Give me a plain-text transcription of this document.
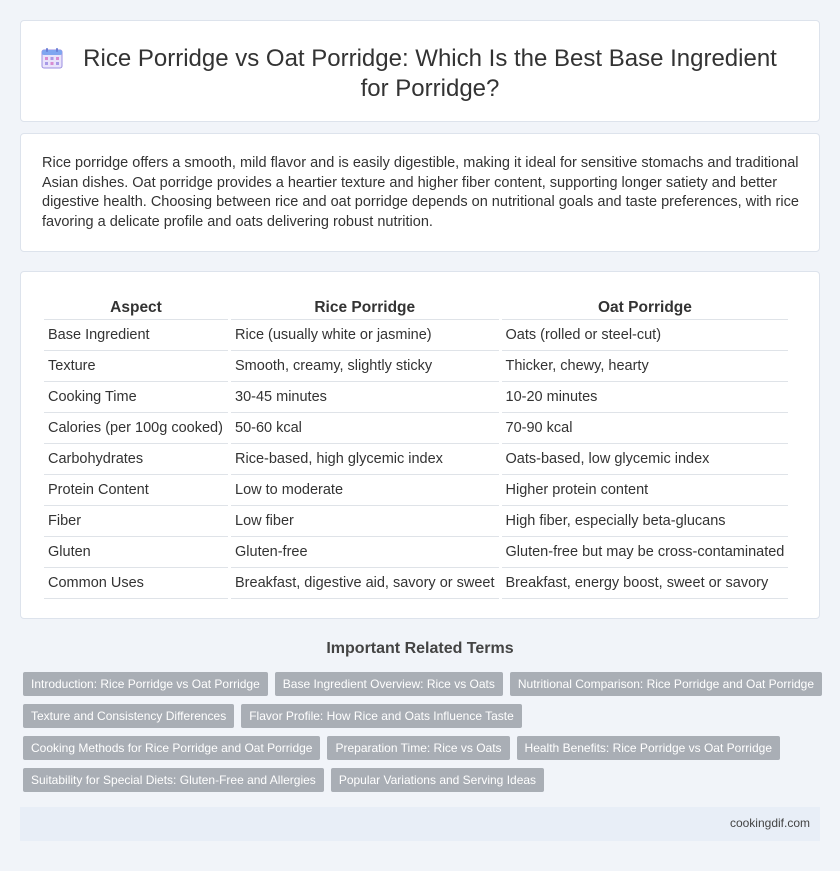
Rice Porridge vs Oat Porridge: Which Is the Best Base Ingredient for Porridge?

Rice porridge offers a smooth, mild flavor and is easily digestible, making it ideal for sensitive stomachs and traditional Asian dishes. Oat porridge provides a heartier texture and higher fiber content, supporting longer satiety and better digestive health. Choosing between rice and oat porridge depends on nutritional goals and taste preferences, with rice favoring a delicate profile and oats delivering robust nutrition.

Aspect	Rice Porridge	Oat Porridge
Base Ingredient	Rice (usually white or jasmine)	Oats (rolled or steel-cut)
Texture	Smooth, creamy, slightly sticky	Thicker, chewy, hearty
Cooking Time	30-45 minutes	10-20 minutes
Calories (per 100g cooked)	50-60 kcal	70-90 kcal
Carbohydrates	Rice-based, high glycemic index	Oats-based, low glycemic index
Protein Content	Low to moderate	Higher protein content
Fiber	Low fiber	High fiber, especially beta-glucans
Gluten	Gluten-free	Gluten-free but may be cross-contaminated
Common Uses	Breakfast, digestive aid, savory or sweet	Breakfast, energy boost, sweet or savory
Important Related Terms
Introduction: Rice Porridge vs Oat Porridge	Base Ingredient Overview: Rice vs Oats	Nutritional Comparison: Rice Porridge and Oat Porridge
Texture and Consistency Differences	Flavor Profile: How Rice and Oats Influence Taste
Cooking Methods for Rice Porridge and Oat Porridge	Preparation Time: Rice vs Oats	Health Benefits: Rice Porridge vs Oat Porridge
Suitability for Special Diets: Gluten-Free and Allergies	Popular Variations and Serving Ideas
cookingdif.com
